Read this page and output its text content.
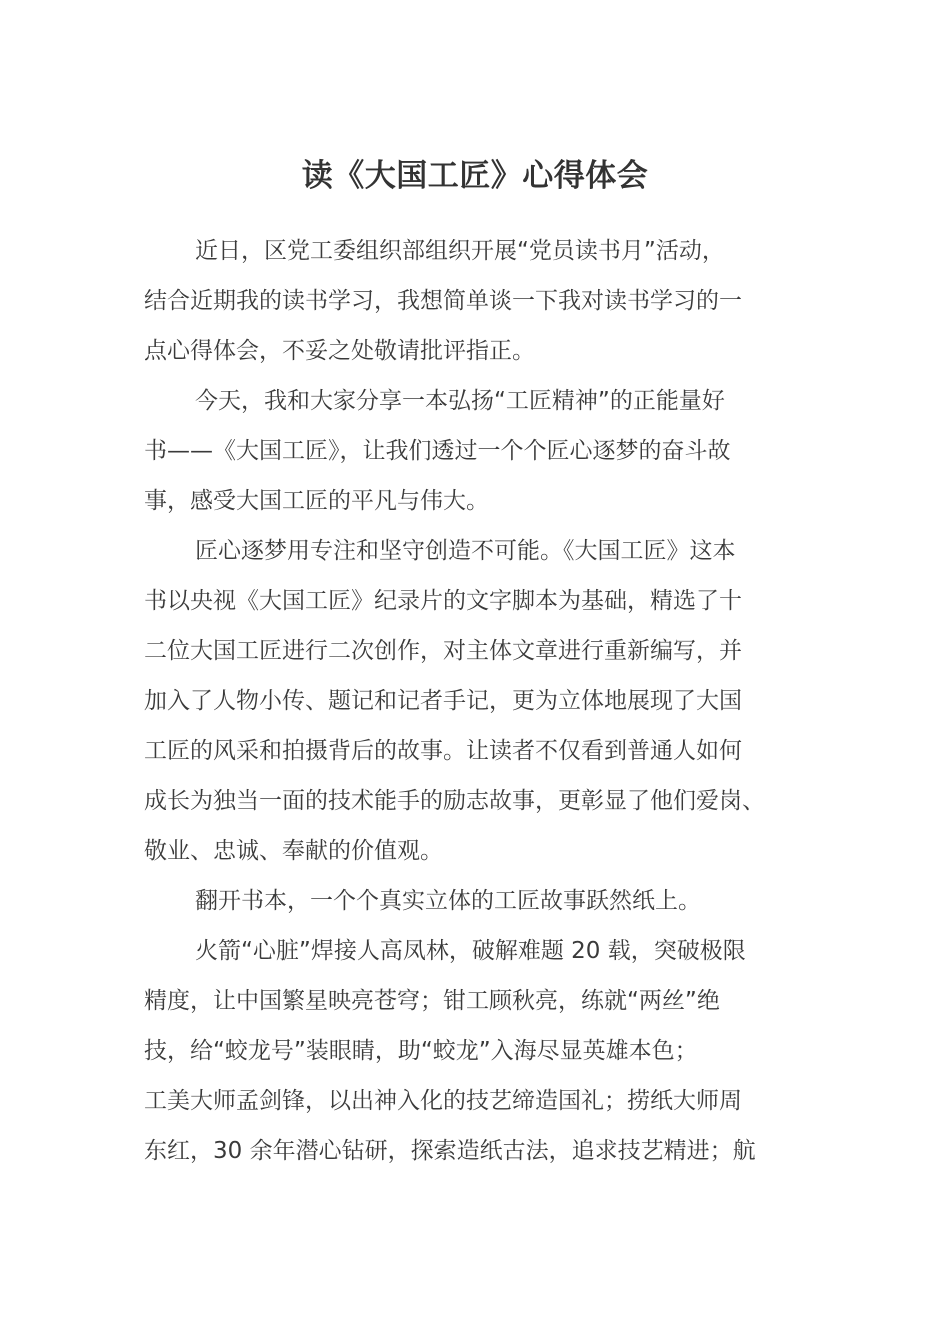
读《大国工匠》心得体会
近日，区党工委组织部组织开展“党员读书月”活动，
结合近期我的读书学习，我想简单谈一下我对读书学习的一
点心得体会，不妥之处敬请批评指正。
今天，我和大家分享一本弘扬“工匠精神”的正能量好
书——《大国工匠》，让我们透过一个个匠心逐梦的奋斗故
事，感受大国工匠的平凡与伟大。
匠心逐梦用专注和坚守创造不可能。《大国工匠》这本
书以央视《大国工匠》纪录片的文字脚本为基础，精选了十
二位大国工匠进行二次创作，对主体文章进行重新编写，并
加入了人物小传、题记和记者手记，更为立体地展现了大国
工匠的风采和拍摄背后的故事。让读者不仅看到普通人如何
成长为独当一面的技术能手的励志故事，更彰显了他们爱岗、
敬业、忠诚、奉献的价值观。
翻开书本，一个个真实立体的工匠故事跃然纸上。
火箭“心脏”焊接人高凤林，破解难题 20 载，突破极限
精度，让中国繁星映亮苍穹；钳工顾秋亮，练就“两丝”绝
技，给“蛟龙号”装眼睛，助“蛟龙”入海尽显英雄本色；
工美大师孟剑锋，以出神入化的技艺缔造国礼；捞纸大师周
东红，30 余年潜心钻研，探索造纸古法，追求技艺精进；航
